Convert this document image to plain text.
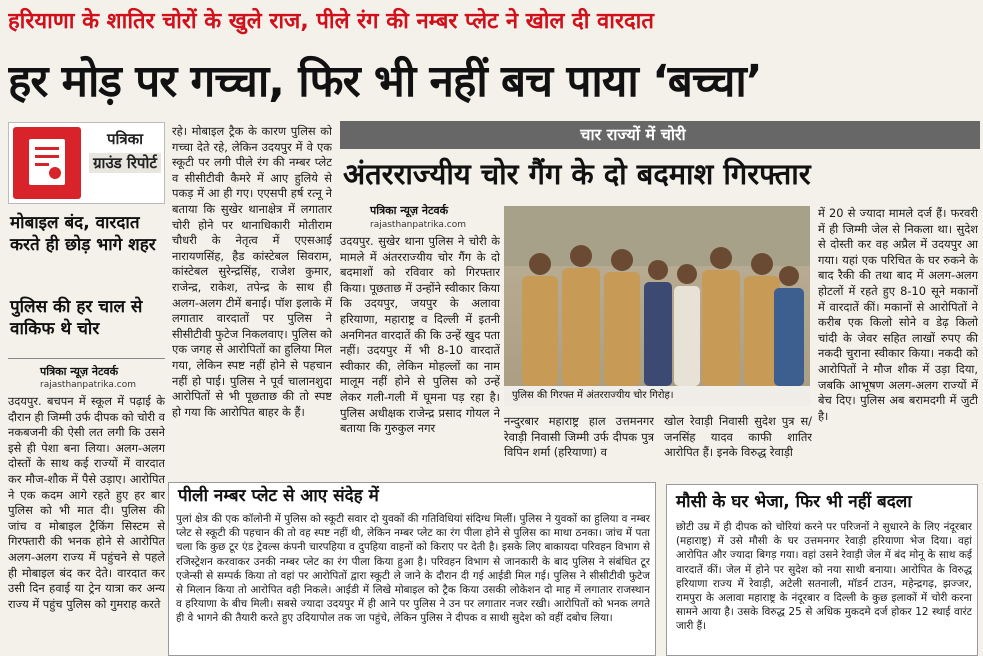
हरियाणा के शातिर चोरों के खुले राज, पीले रंग की नम्बर प्लेट ने खोल दी वारदात
हर मोड़ पर गच्चा, फिर भी नहीं बच पाया ‘बच्चा’
पत्रिका
ग्राउंड रिपोर्ट
मोबाइल बंद, वारदात करते ही छोड़ भागे शहर
पुलिस की हर चाल से वाकिफ थे चोर
पत्रिका न्यूज़ नेटवर्क
rajasthanpatrika.com
उदयपुर. बचपन में स्कूल में पढ़ाई के दौरान ही जिम्मी उर्फ दीपक को चोरी व नकबजनी की ऐसी लत लगी कि उसने इसे ही पेशा बना लिया। अलग-अलग दोस्तों के साथ कई राज्यों में वारदात कर मौज-शौक में पैसे उड़ाए। आरोपित ने एक कदम आगे रहते हुए हर बार पुलिस को भी मात दी। पुलिस की जांच व मोबाइल ट्रैकिंग सिस्टम से गिरफ्तारी की भनक होने से आरोपित अलग-अलग राज्य में पहुंचने से पहले ही मोबाइल बंद कर देते। वारदात कर उसी दिन हवाई या ट्रेन यात्रा कर अन्य राज्य में पहुंच पुलिस को गुमराह करते
रहे। मोबाइल ट्रैक के कारण पुलिस को गच्चा देते रहे, लेकिन उदयपुर में वे एक स्कूटी पर लगी पीले रंग की नम्बर प्लेट व सीसीटीवी कैमरे में आए हुलिये से पकड़ में आ ही गए। एएसपी हर्ष रत्नू ने बताया कि सुखेर थानाक्षेत्र में लगातार चोरी होने पर थानाधिकारी मोतीराम चौधरी के नेतृत्व में एएसआई नारायणसिंह, हैड कांस्टेबल सिवराम, कांस्टेबल सुरेन्द्रसिंह, राजेश कुमार, राजेन्द्र, राकेश, तपेन्द्र के साथ ही अलग-अलग टीमें बनाई। पॉश इलाके में लगातार वारदातों पर पुलिस ने सीसीटीवी फुटेज निकलवाए। पुलिस को एक जगह से आरोपितों का हुलिया मिल गया, लेकिन स्पष्ट नहीं होने से पहचान नहीं हो पाई। पुलिस ने पूर्व चालानशुदा आरोपितों से भी पूछताछ की तो स्पष्ट हो गया कि आरोपित बाहर के हैं।
चार राज्यों में चोरी
अंतरराज्यीय चोर गैंग के दो बदमाश गिरफ्तार
पत्रिका न्यूज़ नेटवर्क
rajasthanpatrika.com
उदयपुर. सुखेर थाना पुलिस ने चोरी के मामले में अंतरराज्यीय चोर गैंग के दो बदमाशों को रविवार को गिरफ्तार किया। पूछताछ में उन्होंने स्वीकार किया कि उदयपुर, जयपुर के अलावा हरियाणा, महाराष्ट्र व दिल्ली में इतनी अनगिनत वारदातें की कि उन्हें खुद पता नहीं। उदयपुर में भी 8-10 वारदातें स्वीकार की, लेकिन मोहल्लों का नाम मालूम नहीं होने से पुलिस को उन्हें लेकर गली-गली में घूमना पड़ रहा है। पुलिस अधीक्षक राजेन्द्र प्रसाद गोयल ने बताया कि गुरुकुल नगर
पुलिस की गिरफ्त में अंतरराज्यीय चोर गिरोह।
नन्दुरबार महाराष्ट्र हाल उत्तमनगर रेवाड़ी निवासी जिम्मी उर्फ दीपक पुत्र विपिन शर्मा (हरियाणा) व
खोल रेवाड़ी निवासी सुदेश पुत्र स/जनसिंह यादव काफी शातिर आरोपित हैं। इनके विरुद्ध रेवाड़ी
में 20 से ज्यादा मामले दर्ज हैं। फरवरी में ही जिम्मी जेल से निकला था। सुदेश से दोस्ती कर वह अप्रैल में उदयपुर आ गया। यहां एक परिचित के घर रुकने के बाद रैकी की तथा बाद में अलग-अलग होटलों में रहते हुए 8-10 सूने मकानों में वारदातें कीं। मकानों से आरोपितों ने करीब एक किलो सोने व डेढ़ किलो चांदी के जेवर सहित लाखों रुपए की नकदी चुराना स्वीकार किया। नकदी को आरोपितों ने मौज शौक में उड़ा दिया, जबकि आभूषण अलग-अलग राज्यों में बेच दिए। पुलिस अब बरामदगी में जुटी है।
पीली नम्बर प्लेट से आए संदेह में
पुलां क्षेत्र की एक कॉलोनी में पुलिस को स्कूटी सवार दो युवकों की गतिविधियां संदिग्ध मिलीं। पुलिस ने युवकों का हुलिया व नम्बर प्लेट से स्कूटी की पहचान की तो वह स्पष्ट नहीं थी, लेकिन नम्बर प्लेट का रंग पीला होने से पुलिस का माथा ठनका। जांच में पता चला कि कुछ टूर एंड ट्रेवल्स कंपनी चारपहिया व दुपहिया वाहनों को किराए पर देती है। इसके लिए बाकायदा परिवहन विभाग से रजिस्ट्रेशन करवाकर उनकी नम्बर प्लेट का रंग पीला किया हुआ है। परिवहन विभाग से जानकारी के बाद पुलिस ने संबंधित टूर एजेन्सी से सम्पर्क किया तो वहां पर आरोपितों द्वारा स्कूटी ले जाने के दौरान दी गई आईडी मिल गई। पुलिस ने सीसीटीवी फुटेज से मिलान किया तो आरोपित वही निकले। आईडी में लिखे मोबाइल को ट्रैक किया उसकी लोकेशन दो माह में लगातार राजस्थान व हरियाणा के बीच मिली। सबसे ज्यादा उदयपुर में ही आने पर पुलिस ने उन पर लगातार नजर रखी। आरोपितों को भनक लगते ही वे भागने की तैयारी करते हुए उदियापोल तक जा पहुंचे, लेकिन पुलिस ने दीपक व साथी सुदेश को वहीं दबोच लिया।
मौसी के घर भेजा, फिर भी नहीं बदला
छोटी उम्र में ही दीपक को चोरियां करने पर परिजनों ने सुधारने के लिए नंदूरबार (महाराष्ट्र) में उसे मौसी के घर उत्तमनगर रेवाड़ी हरियाणा भेज दिया। वहां आरोपित और ज्यादा बिगड़ गया। वहां उसने रेवाड़ी जेल में बंद मोनू के साथ कई वारदातें कीं। जेल में होने पर सुदेश को नया साथी बनाया। आरोपित के विरुद्ध हरियाणा राज्य में रेवाड़ी, अटेली सतनाली, मॉडर्न टाउन, महेन्द्रगढ़, झज्जर, रामपुरा के अलावा महाराष्ट्र के नंदूरबार व दिल्ली के कुछ इलाकों में चोरी करना सामने आया है। उसके विरुद्ध 25 से अधिक मुकदमे दर्ज होकर 12 स्थाई वारंट जारी हैं।
